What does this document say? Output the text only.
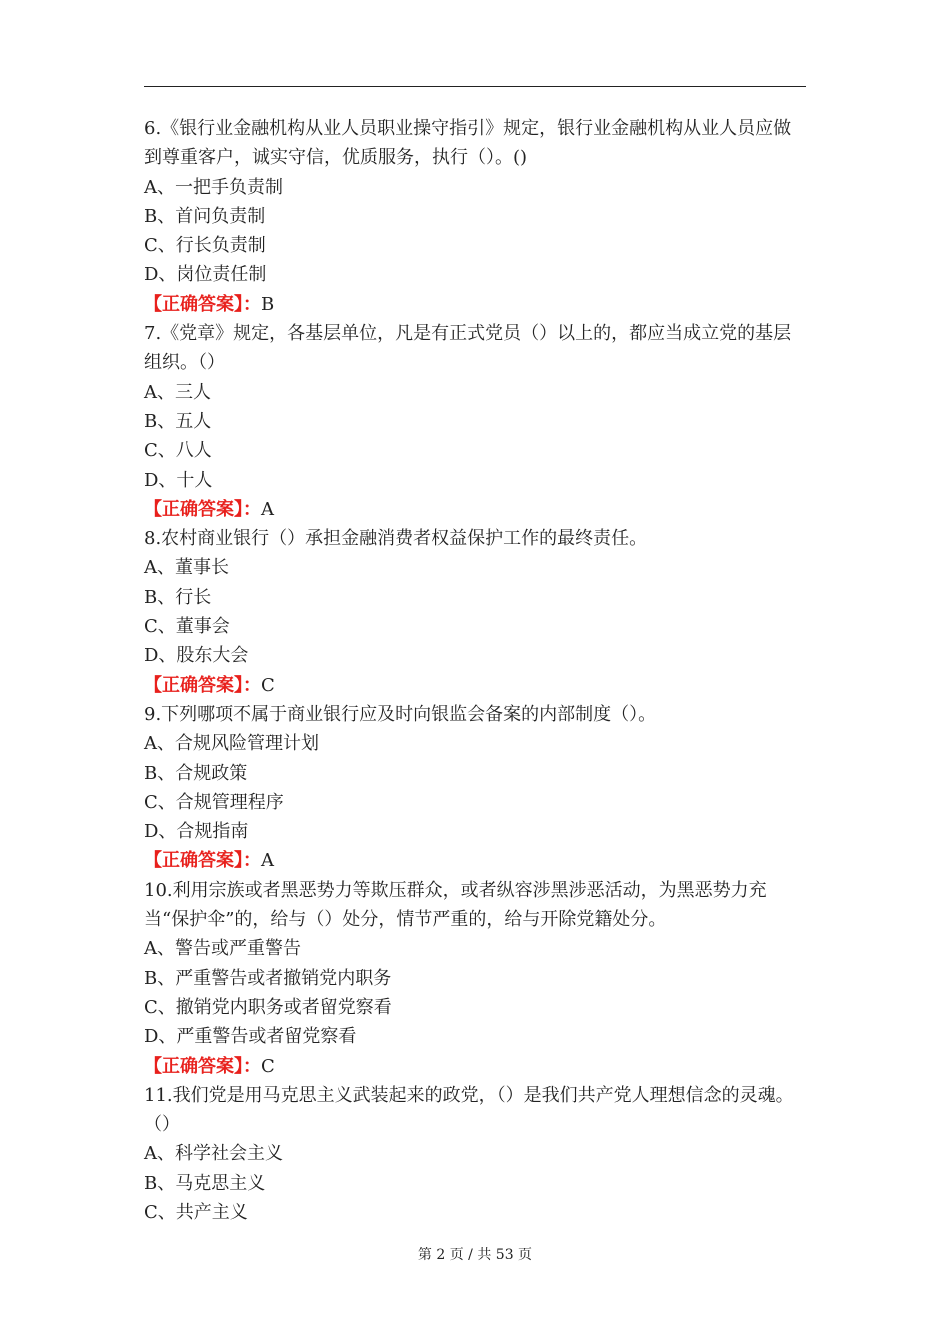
6.《银行业金融机构从业人员职业操守指引》规定，银行业金融机构从业人员应做到尊重客户，诚实守信，优质服务，执行（）。()
A、一把手负责制
B、首问负责制
C、行长负责制
D、岗位责任制
【正确答案】：B
7.《党章》规定，各基层单位，凡是有正式党员（）以上的，都应当成立党的基层组织。（）
A、三人
B、五人
C、八人
D、十人
【正确答案】：A
8.农村商业银行（）承担金融消费者权益保护工作的最终责任。
A、董事长
B、行长
C、董事会
D、股东大会
【正确答案】：C
9.下列哪项不属于商业银行应及时向银监会备案的内部制度（）。
A、合规风险管理计划
B、合规政策
C、合规管理程序
D、合规指南
【正确答案】：A
10.利用宗族或者黑恶势力等欺压群众，或者纵容涉黑涉恶活动，为黑恶势力充当“保护伞”的，给与（）处分，情节严重的，给与开除党籍处分。
A、警告或严重警告
B、严重警告或者撤销党内职务
C、撤销党内职务或者留党察看
D、严重警告或者留党察看
【正确答案】：C
11.我们党是用马克思主义武装起来的政党，（）是我们共产党人理想信念的灵魂。（）
A、科学社会主义
B、马克思主义
C、共产主义
第 2 页 / 共 53 页
